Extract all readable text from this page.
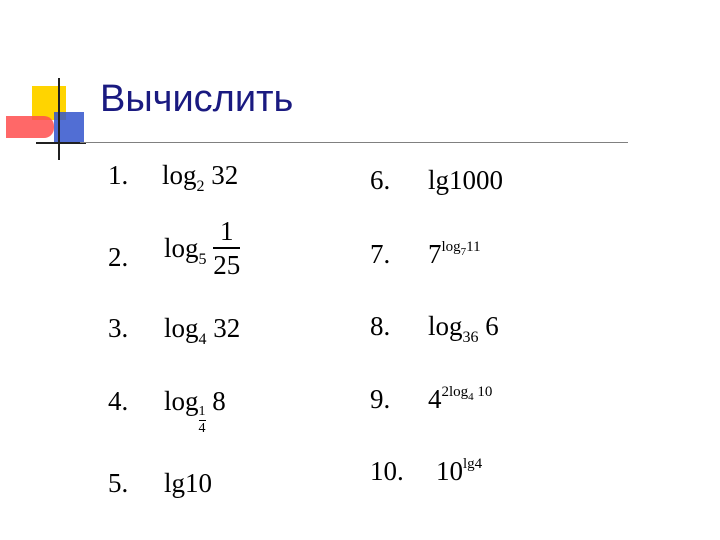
Вычислить
1. $\log_2 32$
2. $\log_5 \frac{1}{25}$
3. $\log_4 32$
4. $\log\frac{1}{4} 8$
5. lg10
6. lg1000
7. $7^{log_711}$
8. $\log_{36} 6$
9. $4^{2log_4 10}$
10. $10^{lg4}$
